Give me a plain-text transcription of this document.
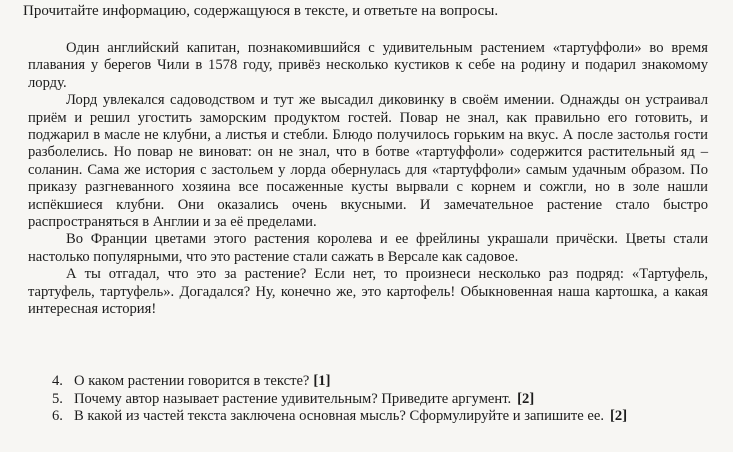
Прочитайте информацию, содержащуюся в тексте, и ответьте на вопросы.

Один английский капитан, познакомившийся с удивительным растением «тартуффоли» во время плавания у берегов Чили в 1578 году, привёз несколько кустиков к себе на родину и подарил знакомому лорду.

Лорд увлекался садоводством и тут же высадил диковинку в своём имении. Однажды он устраивал приём и решил угостить заморским продуктом гостей. Повар не знал, как правильно его готовить, и поджарил в масле не клубни, а листья и стебли. Блюдо получилось горьким на вкус. А после застолья гости разболелись. Но повар не виноват: он не знал, что в ботве «тартуффоли» содержится растительный яд – соланин. Сама же история с застольем у лорда обернулась для «тартуффоли» самым удачным образом. По приказу разгневанного хозяина все посаженные кусты вырвали с корнем и сожгли, но в золе нашли испёкшиеся клубни. Они оказались очень вкусными. И замечательное растение стало быстро распространяться в Англии и за её пределами.

Во Франции цветами этого растения королева и ее фрейлины украшали причёски. Цветы стали настолько популярными, что это растение стали сажать в Версале как садовое.

А ты отгадал, что это за растение? Если нет, то произнеси несколько раз подряд: «Тартуфель, тартуфель, тартуфель». Догадался? Ну, конечно же, это картофель! Обыкновенная наша картошка, а какая интересная история!

4. О каком растении говорится в тексте? [1]
5. Почему автор называет растение удивительным? Приведите аргумент. [2]
6. В какой из частей текста заключена основная мысль? Сформулируйте и запишите ее. [2]
